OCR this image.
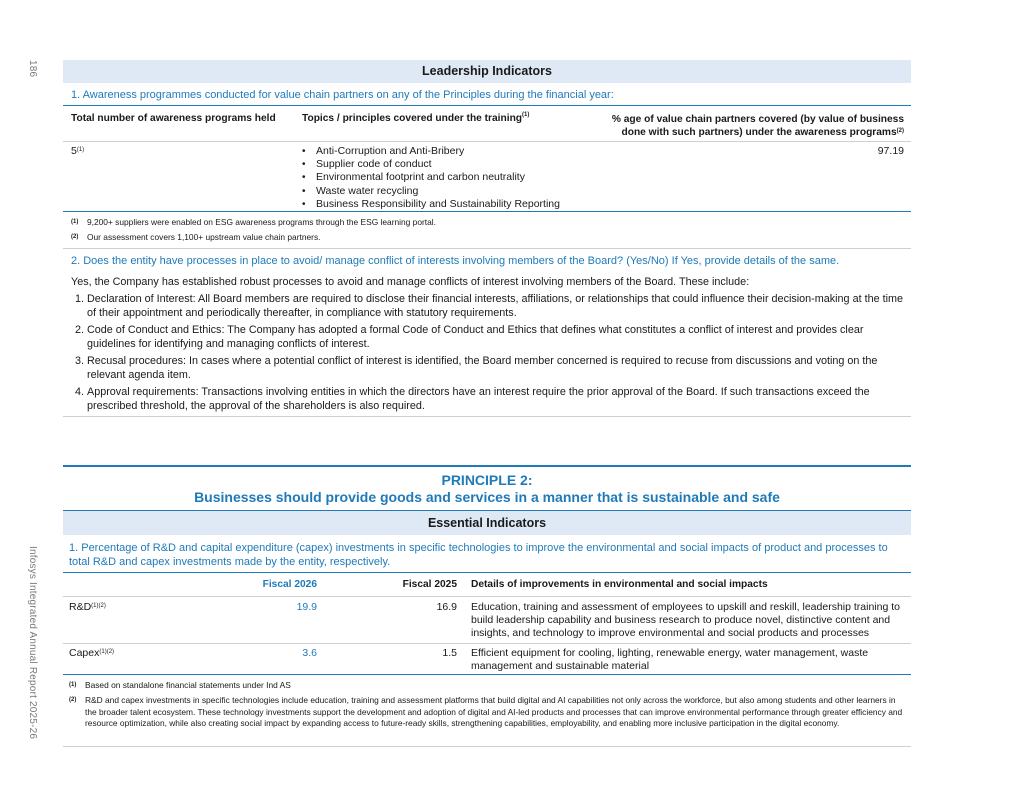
186
Infosys Integrated Annual Report 2025-26
Leadership Indicators
1. Awareness programmes conducted for value chain partners on any of the Principles during the financial year:
Total number of awareness programs held	Topics / principles covered under the training$^{(1)}$	% age of value chain partners covered (by value of business done with such partners) under the awareness programs$^{(2)}$
5$^{(1)}$
•	Anti-Corruption and Anti-Bribery
• Supplier code of conduct
• Environmental footprint and carbon neutrality
• Waste water recycling
• Business Responsibility and Sustainability Reporting
97.19
(1) 9,200+ suppliers were enabled on ESG awareness programs through the ESG learning portal.
(2) Our assessment covers 1,100+ upstream value chain partners.
2. Does the entity have processes in place to avoid/ manage conflict of interests involving members of the Board? (Yes/No) If Yes, provide details of the same.
Yes, the Company has established robust processes to avoid and manage conflicts of interest involving members of the Board. These include:
1. Declaration of Interest: All Board members are required to disclose their financial interests, affiliations, or relationships that could influence their decision-making at the time of their appointment and periodically thereafter, in compliance with statutory requirements.
2. Code of Conduct and Ethics: The Company has adopted a formal Code of Conduct and Ethics that defines what constitutes a conflict of interest and provides clear guidelines for identifying and managing conflicts of interest.
3. Recusal procedures: In cases where a potential conflict of interest is identified, the Board member concerned is required to recuse from discussions and voting on the relevant agenda item.
4. Approval requirements: Transactions involving entities in which the directors have an interest require the prior approval of the Board. If such transactions exceed the prescribed threshold, the approval of the shareholders is also required.
PRINCIPLE 2:
Businesses should provide goods and services in a manner that is sustainable and safe
Essential Indicators
1. Percentage of R&D and capital expenditure (capex) investments in specific technologies to improve the environmental and social impacts of product and processes to total R&D and capex investments made by the entity, respectively.
Fiscal 2026	Fiscal 2025 Details of improvements in environmental and social impacts
$R\&D^{(1)(2)}$	19.9	16.9 Education, training and assessment of employees to upskill and reskill, leadership training to build leadership capability and business research to produce novel, distinctive content and insights, and technology to improve environmental and social products and processes
Capex$^{(1)(2)}$	3.6	1.5 Efficient equipment for cooling, lighting, renewable energy, water management, waste management and sustainable material
(1) Based on standalone financial statements under Ind AS
(2) R&D and capex investments in specific technologies include education, training and assessment platforms that build digital and AI capabilities not only across the workforce, but also among students and other learners in the broader talent ecosystem. These technology investments support the development and adoption of digital and AI-led products and processes that can improve environmental performance through greater efficiency and resource optimization, while also creating social impact by expanding access to future-ready skills, strengthening capabilities, employability, and enabling more inclusive participation in the digital economy.
